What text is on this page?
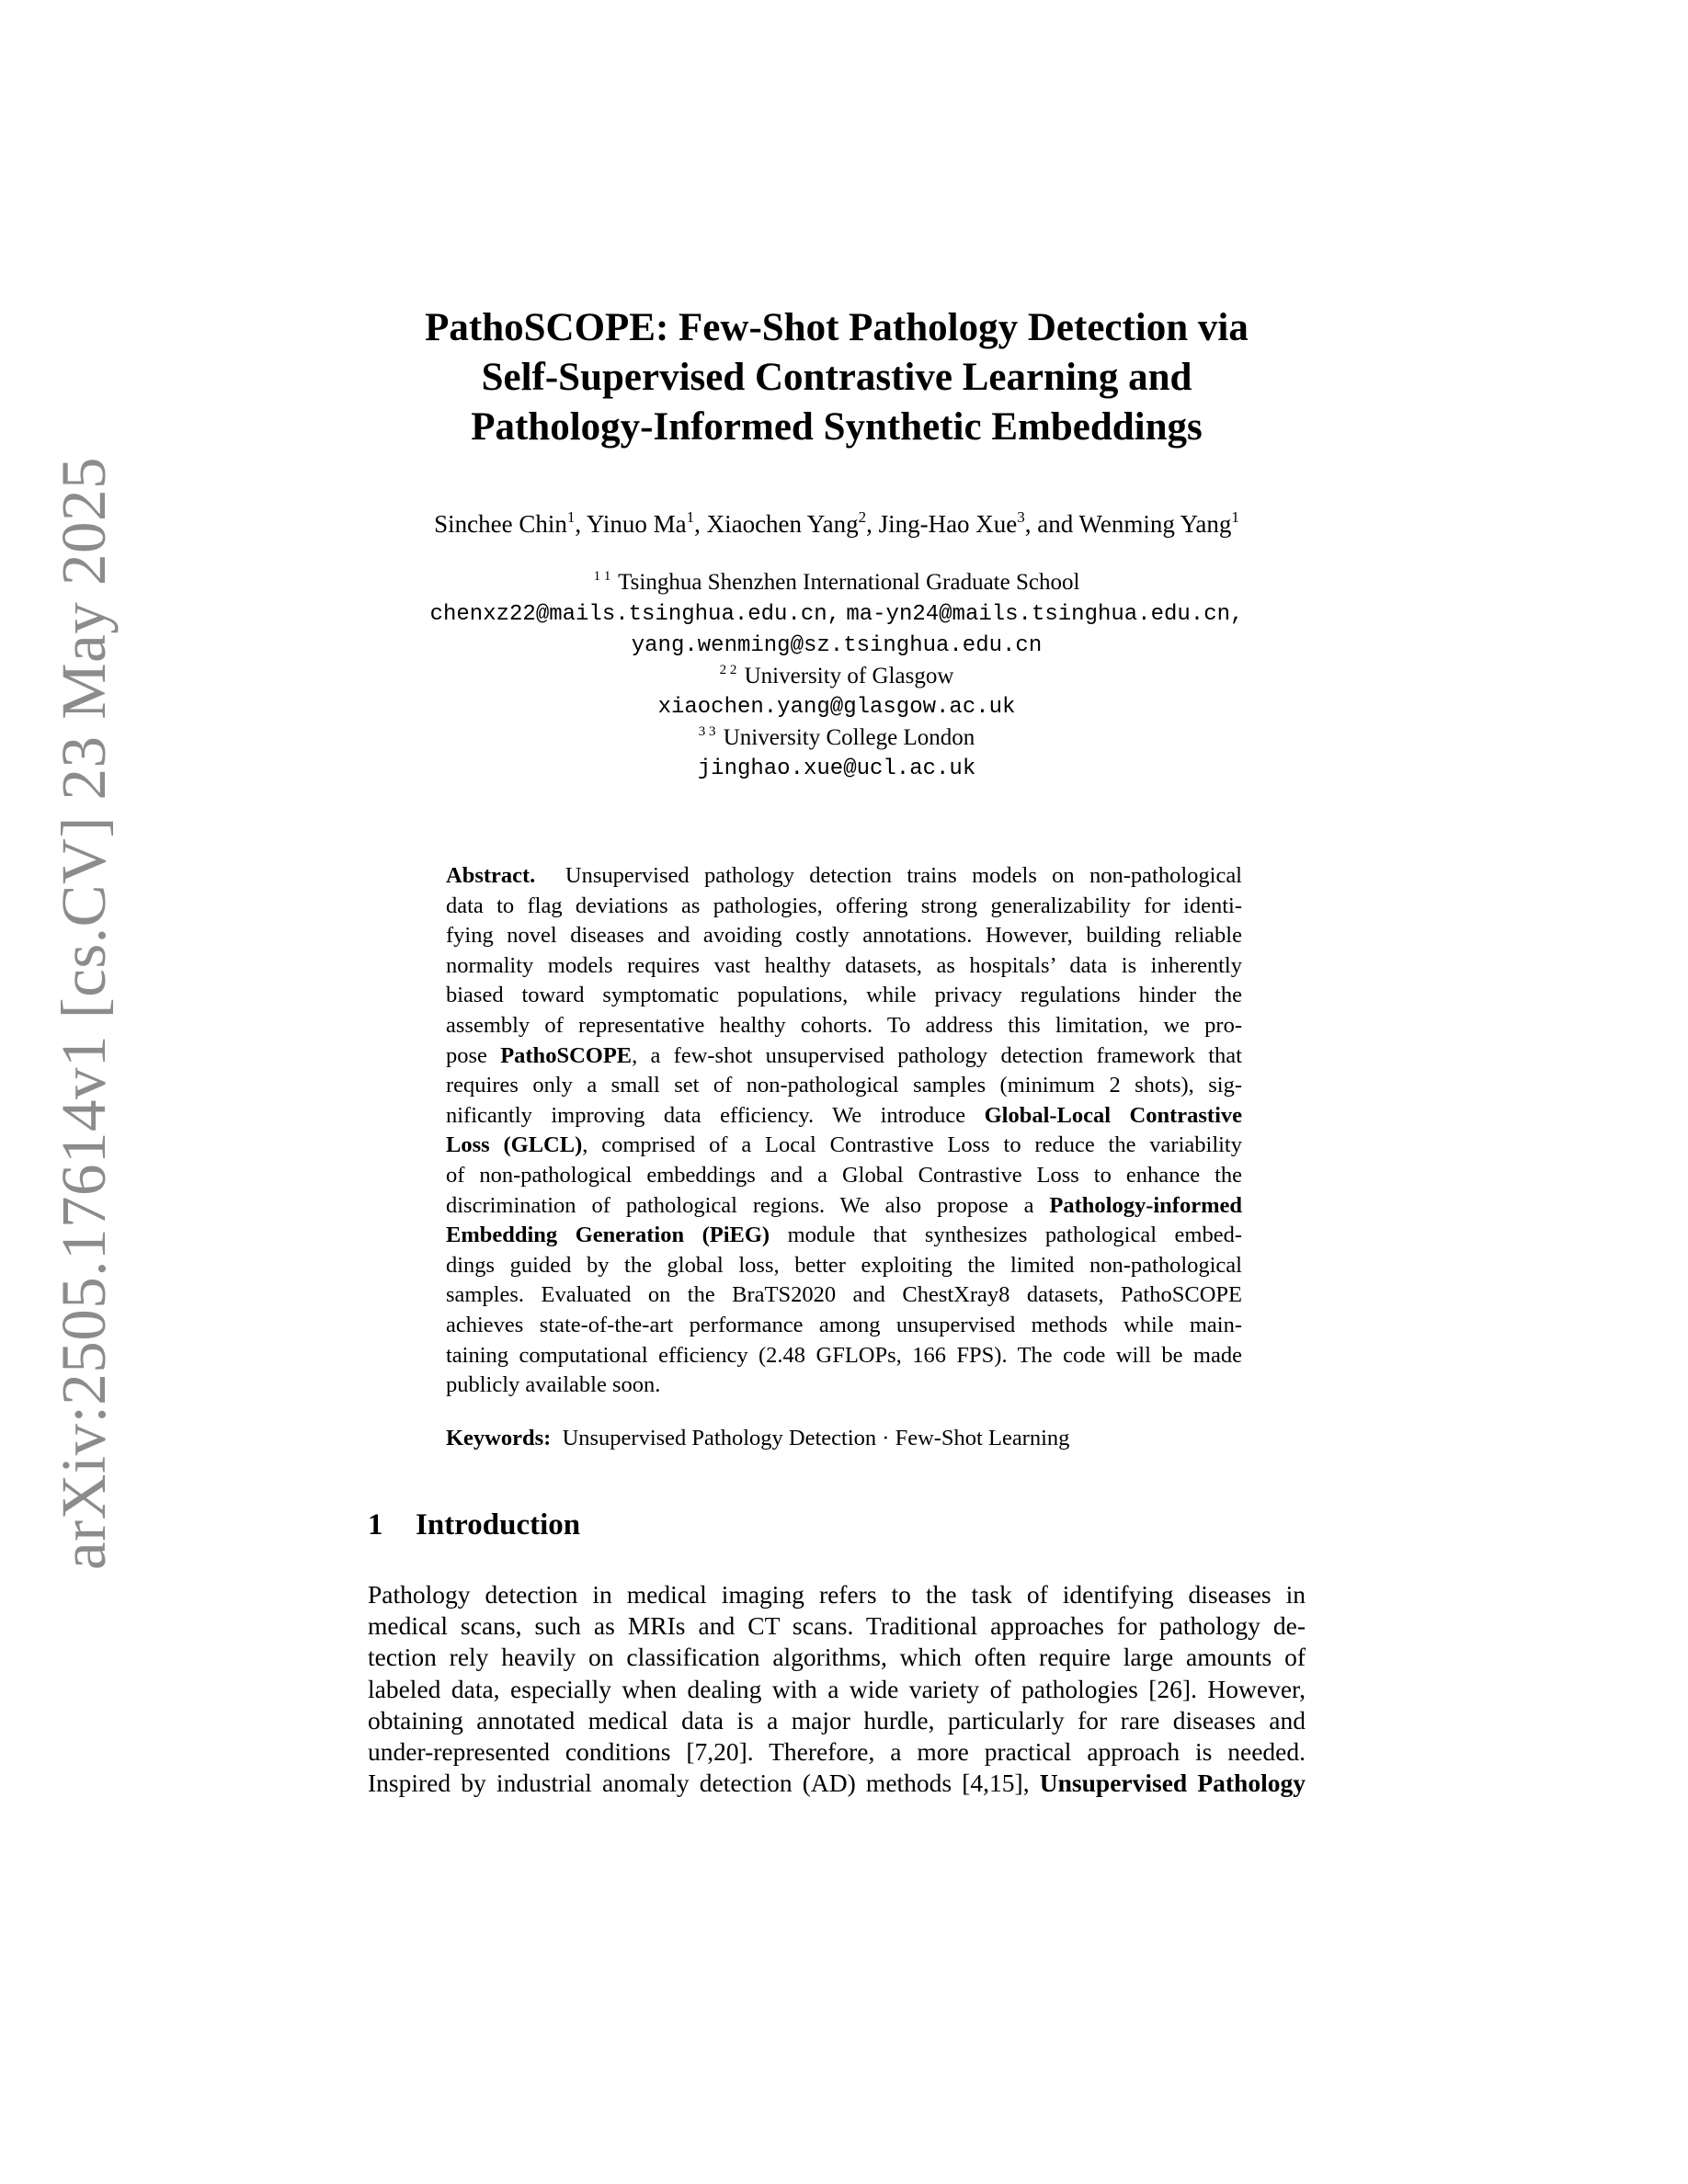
arXiv:2505.17614v1 [cs.CV] 23 May 2025
PathoSCOPE: Few-Shot Pathology Detection via
Self-Supervised Contrastive Learning and
Pathology-Informed Synthetic Embeddings
Sinchee Chin$^1$, Yinuo Ma$^1$, Xiaochen Yang$^2$, Jing-Hao Xue$^3$, and Wenming Yang$^1$
$^{1 1}$ Tsinghua Shenzhen International Graduate School
chenxz22@mails.tsinghua.edu.cn, ma-yn24@mails.tsinghua.edu.cn,
yang.wenming@sz.tsinghua.edu.cn
$^{2 2}$ University of Glasgow
xiaochen.yang@glasgow.ac.uk
$^{3 3}$ University College London
jinghao.xue@ucl.ac.uk
Abstract. Unsupervised pathology detection trains models on non-pathological
data to flag deviations as pathologies, offering strong generalizability for identi-
fying novel diseases and avoiding costly annotations. However, building reliable
normality models requires vast healthy datasets, as hospitals’ data is inherently
biased toward symptomatic populations, while privacy regulations hinder the
assembly of representative healthy cohorts. To address this limitation, we pro-
pose PathoSCOPE, a few-shot unsupervised pathology detection framework that
requires only a small set of non-pathological samples (minimum 2 shots), sig-
nificantly improving data efficiency. We introduce Global-Local Contrastive
Loss (GLCL), comprised of a Local Contrastive Loss to reduce the variability
of non-pathological embeddings and a Global Contrastive Loss to enhance the
discrimination of pathological regions. We also propose a Pathology-informed
Embedding Generation (PiEG) module that synthesizes pathological embed-
dings guided by the global loss, better exploiting the limited non-pathological
samples. Evaluated on the BraTS2020 and ChestXray8 datasets, PathoSCOPE
achieves state-of-the-art performance among unsupervised methods while main-
taining computational efficiency (2.48 GFLOPs, 166 FPS). The code will be made
publicly available soon.
Keywords: Unsupervised Pathology Detection · Few-Shot Learning
1 Introduction
Pathology detection in medical imaging refers to the task of identifying diseases in
medical scans, such as MRIs and CT scans. Traditional approaches for pathology de-
tection rely heavily on classification algorithms, which often require large amounts of
labeled data, especially when dealing with a wide variety of pathologies [26]. However,
obtaining annotated medical data is a major hurdle, particularly for rare diseases and
under-represented conditions [7,20]. Therefore, a more practical approach is needed.
Inspired by industrial anomaly detection (AD) methods [4,15], Unsupervised Pathology
